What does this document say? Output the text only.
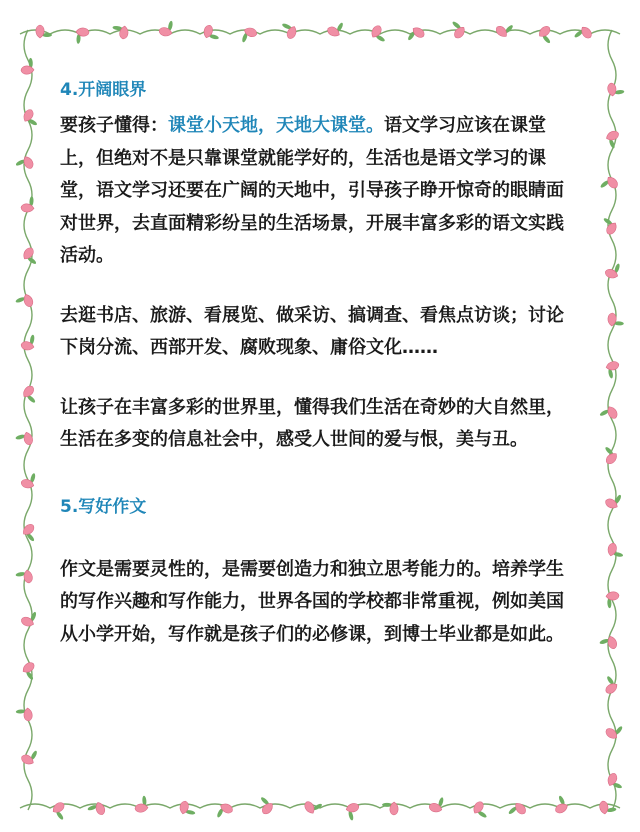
4.开阔眼界

要孩子懂得：课堂小天地，天地大课堂。语文学习应该在课堂上，但绝对不是只靠课堂就能学好的，生活也是语文学习的课堂，语文学习还要在广阔的天地中，引导孩子睁开惊奇的眼睛面对世界，去直面精彩纷呈的生活场景，开展丰富多彩的语文实践活动。

去逛书店、旅游、看展览、做采访、搞调查、看焦点访谈；讨论下岗分流、西部开发、腐败现象、庸俗文化……

让孩子在丰富多彩的世界里，懂得我们生活在奇妙的大自然里，生活在多变的信息社会中，感受人世间的爱与恨，美与丑。

5.写好作文

作文是需要灵性的，是需要创造力和独立思考能力的。培养学生的写作兴趣和写作能力，世界各国的学校都非常重视，例如美国从小学开始，写作就是孩子们的必修课，到博士毕业都是如此。
